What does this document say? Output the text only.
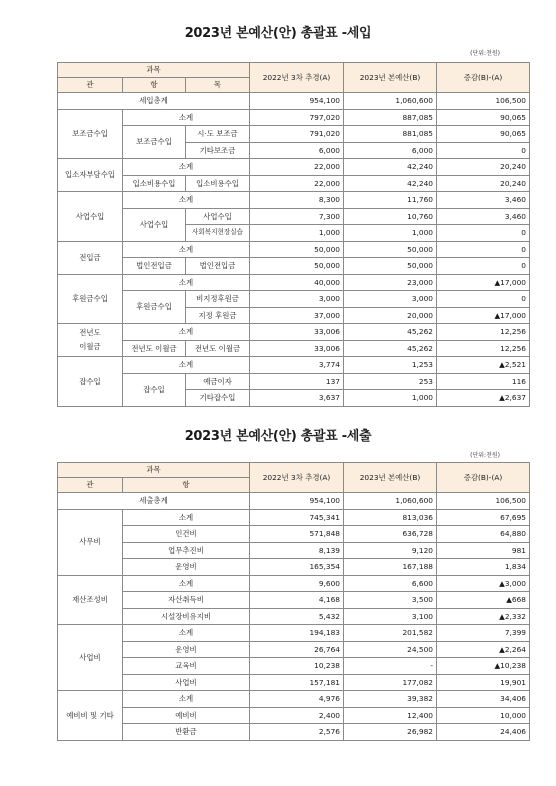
2023년 본예산(안) 총괄표 -세입
(단위:천원)
과목			2022년 3차 추경(A)	2023년 본예산(B)	증감(B)-(A)
관	항	목			
세입총계			954,100	1,060,600	106,500
보조금수입	소계		797,020	887,085	90,065
	보조금수입	시·도 보조금	791,020	881,085	90,065
		기타보조금	6,000	6,000	0
입소자부담수입	소계		22,000	42,240	20,240
	입소비용수입	입소비용수입	22,000	42,240	20,240
사업수입	소계		8,300	11,760	3,460
	사업수입	사업수입	7,300	10,760	3,460
		사회복지현장실습	1,000	1,000	0
전입금	소계		50,000	50,000	0
	법인전입금	법인전입금	50,000	50,000	0
후원금수입	소계		40,000	23,000	▲17,000
	후원금수입	비지정후원금	3,000	3,000	0
		지정 후원금	37,000	20,000	▲17,000

전년도
이월금	소계		33,006	45,262	12,256
	전년도 이월금	전년도 이월금	33,006	45,262	12,256
잡수입	소계		3,774	1,253	▲2,521
	잡수입	예금이자	137	253	116
		기타잡수입	3,637	1,000	▲2,637
2023년 본예산(안) 총괄표 -세출
(단위:천원)
과목		2022년 3차 추경(A)	2023년 본예산(B)	증감(B)-(A)
관	항			
세출총계		954,100	1,060,600	106,500
사무비	소계	745,341	813,036	67,695
	인건비	571,848	636,728	64,880
	업무추진비	8,139	9,120	981
	운영비	165,354	167,188	1,834
재산조성비	소계	9,600	6,600	▲3,000
	자산취득비	4,168	3,500	▲668
	시설장비유지비	5,432	3,100	▲2,332
사업비	소계	194,183	201,582	7,399
	운영비	26,764	24,500	▲2,264
	교육비	10,238	-	▲10,238
	사업비	157,181	177,082	19,901
예비비 및 기타	소계	4,976	39,382	34,406
	예비비	2,400	12,400	10,000
	반환금	2,576	26,982	24,406
